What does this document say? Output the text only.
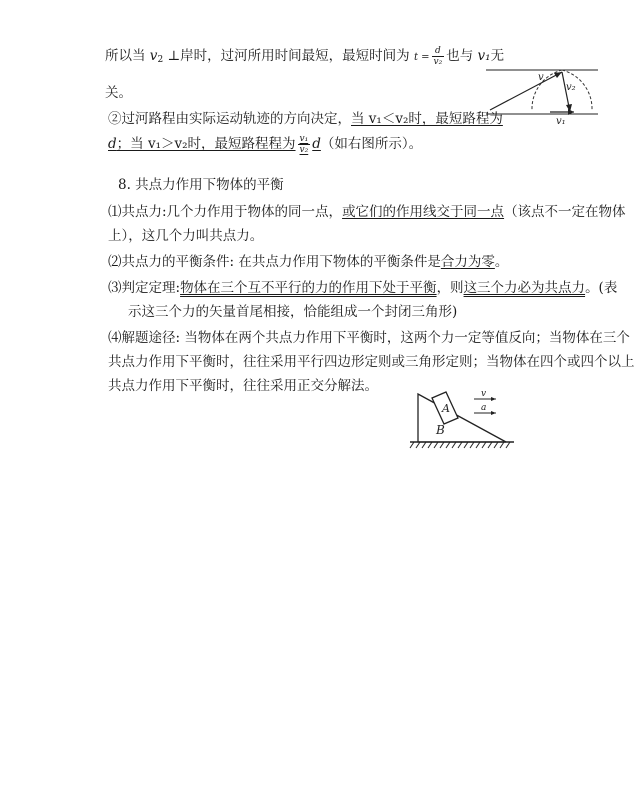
所以当 v2 ⊥岸时，过河所用时间最短，最短时间为 $t = \frac{d}{\text{v₂}}$ 也与 v₁无
关。
②过河路程由实际运动轨迹的方向决定，当 v₁＜v₂时，最短路程为
d；当 v₁＞v₂时，最短路程程为 $\frac{\text{v₁}}{\text{v₂}} d$（如右图所示）。
v
v₂
v₁
8. 共点力作用下物体的平衡
⑴共点力:几个力作用于物体的同一点，或它们的作用线交于同一点（该点不一定在物体
上），这几个力叫共点力。
⑵共点力的平衡条件: 在共点力作用下物体的平衡条件是合力为零。
⑶判定定理:物体在三个互不平行的力的作用下处于平衡，则这三个力必为共点力。(表
示这三个力的矢量首尾相接，恰能组成一个封闭三角形)
⑷解题途径: 当物体在两个共点力作用下平衡时，这两个力一定等值反向；当物体在三个
共点力作用下平衡时，往往采用平行四边形定则或三角形定则；当物体在四个或四个以上
共点力作用下平衡时，往往采用正交分解法。
A
B
v
a
